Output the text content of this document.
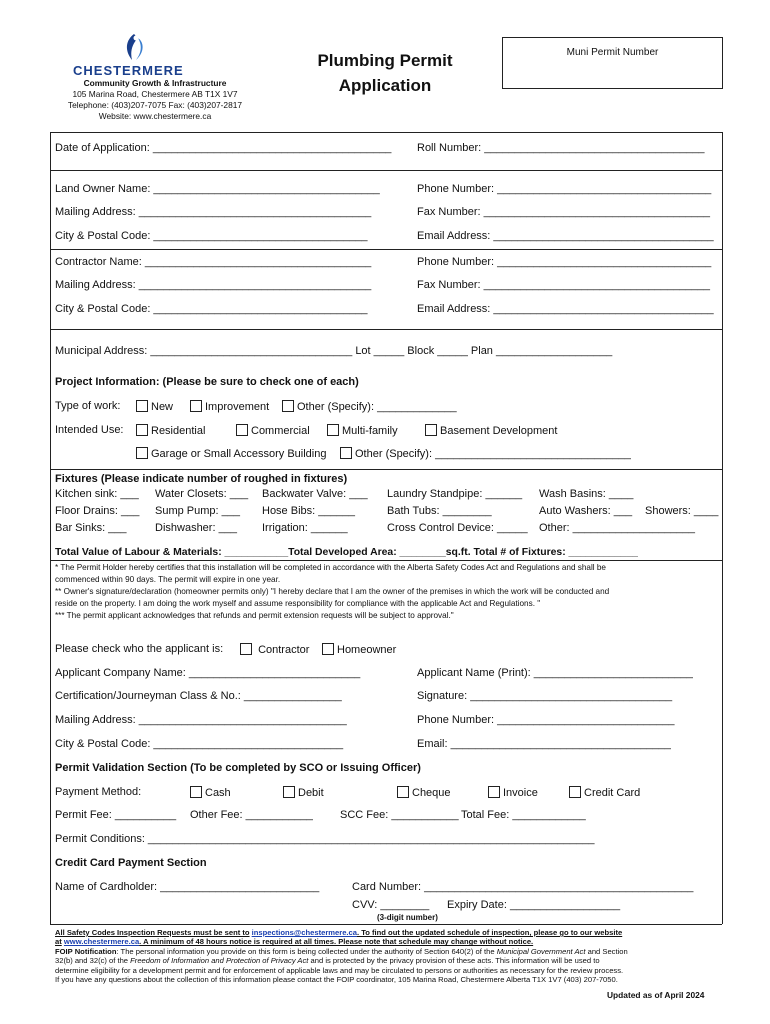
CHESTERMERE
Community Growth & Infrastructure
105 Marina Road, Chestermere AB T1X 1V7
Telephone: (403)207-7075 Fax: (403)207-2817
Website: www.chestermere.ca
Plumbing Permit
Application
Muni Permit Number
Date of Application: _______________________________________ Roll Number: ____________________________________
Land Owner Name: _____________________________________	Phone Number: ___________________________________
Mailing Address: ______________________________________	Fax Number: _____________________________________
City & Postal Code: ___________________________________	Email Address: ____________________________________
Contractor Name: _____________________________________	Phone Number: ___________________________________
Mailing Address: ______________________________________	Fax Number: _____________________________________
City & Postal Code: ___________________________________	Email Address: ____________________________________
Municipal Address: _________________________________ Lot _____ Block _____ Plan ___________________
Project Information: (Please be sure to check one of each)
Type of work:	New	Improvement	Other (Specify): _____________
Intended Use:	Residential	Commercial	Multi-family	Basement Development
Garage or Small Accessory Building	Other (Specify): ________________________________
Fixtures (Please indicate number of roughed in fixtures)
Kitchen sink: ___ Water Closets: ___ Backwater Valve: ___ Laundry Standpipe: ______ Wash Basins: ____
Floor Drains: ___ Sump Pump: ___ Hose Bibs: ______	Bath Tubs: ________	Auto Washers: ___ Showers: ____
Bar Sinks: ___	Dishwasher: ___ Irrigation: ______	Cross Control Device: _____ Other: ____________________
Total Value of Labour & Materials: ___________Total Developed Area: ________sq.ft. Total # of Fixtures: ____________
* The Permit Holder hereby certifies that this installation will be completed in accordance with the Alberta Safety Codes Act and Regulations and shall be
commenced within 90 days. The permit will expire in one year.
** Owner's signature/declaration (homeowner permits only) "I hereby declare that I am the owner of the premises in which the work will be conducted and
reside on the property. I am doing the work myself and assume responsibility for compliance with the applicable Act and Regulations. "
*** The permit applicant acknowledges that refunds and permit extension requests will be subject to approval."
Please check who the applicant is:	Contractor	Homeowner
Applicant Company Name: ____________________________	Applicant Name (Print): __________________________
Certification/Journeyman Class & No.: ________________	Signature: _________________________________
Mailing Address: __________________________________	Phone Number: _____________________________
City & Postal Code: _______________________________	Email: ____________________________________
Permit Validation Section (To be completed by SCO or Issuing Officer)
Payment Method:	Cash	Debit	Cheque	Invoice	Credit Card
Permit Fee: __________ Other Fee: ___________ SCC Fee: ___________ Total Fee: ____________
Permit Conditions: _________________________________________________________________________
Credit Card Payment Section
Name of Cardholder: __________________________	Card Number: ____________________________________________
CVV: ________ Expiry Date: __________________
(3-digit number)
All Safety Codes Inspection Requests must be sent to inspections@chestermere.ca. To find out the updated schedule of inspection, please go to our website
at www.chestermere.ca. A minimum of 48 hours notice is required at all times. Please note that schedule may change without notice.
FOIP Notification: The personal information you provide on this form is being collected under the authority of Section 640(2) of the Municipal Government Act and Section
32(b) and 32(c) of the Freedom of Information and Protection of Privacy Act and is protected by the privacy provision of these acts. This information will be used to
determine eligibility for a development permit and for enforcement of applicable laws and may be circulated to persons or authorities as necessary for the review process.
If you have any questions about the collection of this information please contact the FOIP coordinator, 105 Marina Road, Chestermere Alberta T1X 1V7 (403) 207-7050.
Updated as of April 2024
